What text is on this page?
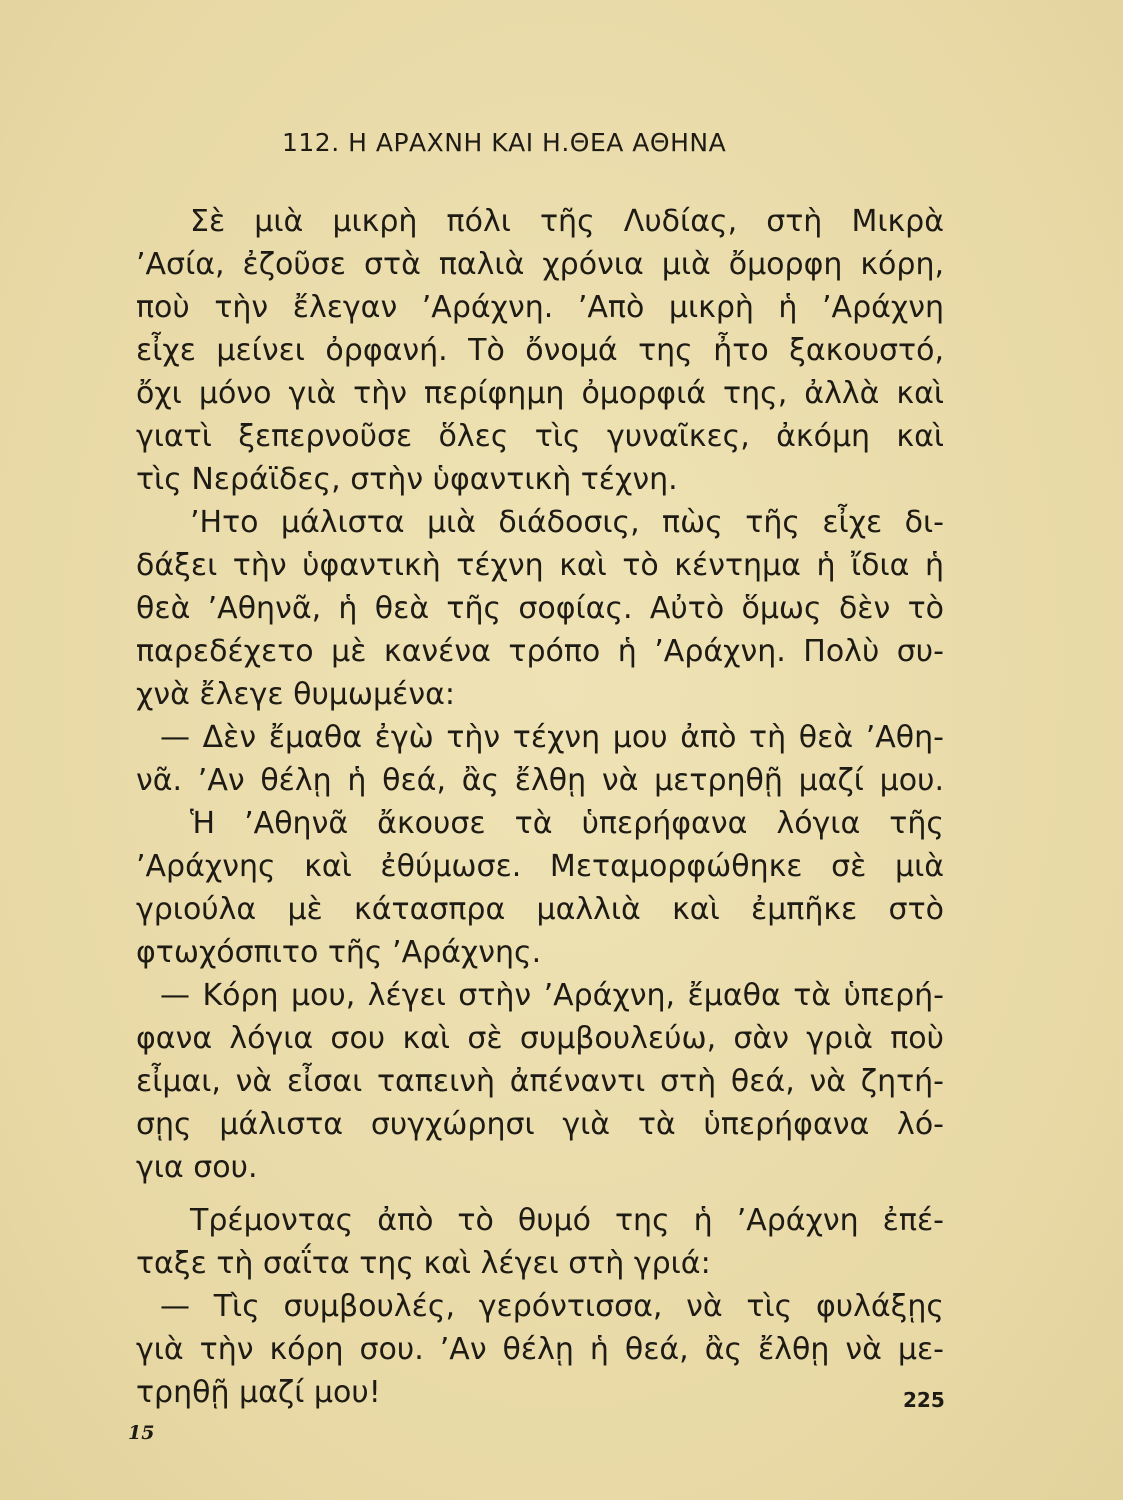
112. Η ΑΡΑΧΝΗ ΚΑΙ Η.ΘΕΑ ΑΘΗΝΑ
Σὲ μιὰ μικρὴ πόλι τῆς Λυδίας, στὴ Μικρὰ
ʼΑσία, ἐζοῦσε στὰ παλιὰ χρόνια μιὰ ὄμορφη κόρη,
ποὺ τὴν ἔλεγαν ʼΑράχνη. ʼΑπὸ μικρὴ ἡ ʼΑράχνη
εἶχε μείνει ὀρφανή. Τὸ ὄνομά της ἦτο ξακουστό,
ὄχι μόνο γιὰ τὴν περίφημη ὀμορφιά της, ἀλλὰ καὶ
γιατὶ ξεπερνοῦσε ὅλες τὶς γυναῖκες, ἀκόμη καὶ
τὶς Νεράϊδες, στὴν ὑφαντικὴ τέχνη.
ʼΗτο μάλιστα μιὰ διάδοσις, πὼς τῆς εἶχε δι-
δάξει τὴν ὑφαντικὴ τέχνη καὶ τὸ κέντημα ἡ ἴδια ἡ
θεὰ ʼΑθηνᾶ, ἡ θεὰ τῆς σοφίας. Αὐτὸ ὅμως δὲν τὸ
παρεδέχετο μὲ κανένα τρόπο ἡ ʼΑράχνη. Πολὺ συ-
χνὰ ἔλεγε θυμωμένα:
— Δὲν ἔμαθα ἐγὼ τὴν τέχνη μου ἀπὸ τὴ θεὰ ʼΑθη-
νᾶ. ʼΑν θέλῃ ἡ θεά, ἂς ἔλθῃ νὰ μετρηθῇ μαζί μου.
Ἡ ʼΑθηνᾶ ἄκουσε τὰ ὑπερήφανα λόγια τῆς
ʼΑράχνης καὶ ἐθύμωσε. Μεταμορφώθηκε σὲ μιὰ
γριούλα μὲ κάτασπρα μαλλιὰ καὶ ἐμπῆκε στὸ
φτωχόσπιτο τῆς ʼΑράχνης.
— Κόρη μου, λέγει στὴν ʼΑράχνη, ἔμαθα τὰ ὑπερή-
φανα λόγια σου καὶ σὲ συμβουλεύω, σὰν γριὰ ποὺ
εἶμαι, νὰ εἶσαι ταπεινὴ ἀπέναντι στὴ θεά, νὰ ζητή-
σῃς μάλιστα συγχώρησι γιὰ τὰ ὑπερήφανα λό-
για σου.
Τρέμοντας ἀπὸ τὸ θυμό της ἡ ʼΑράχνη ἐπέ-
ταξε τὴ σαΐτα της καὶ λέγει στὴ γριά:
— Τὶς συμβουλές, γερόντισσα, νὰ τὶς φυλάξῃς
γιὰ τὴν κόρη σου. ʼΑν θέλῃ ἡ θεά, ἂς ἔλθῃ νὰ με-
τρηθῇ μαζί μου!	225
15
